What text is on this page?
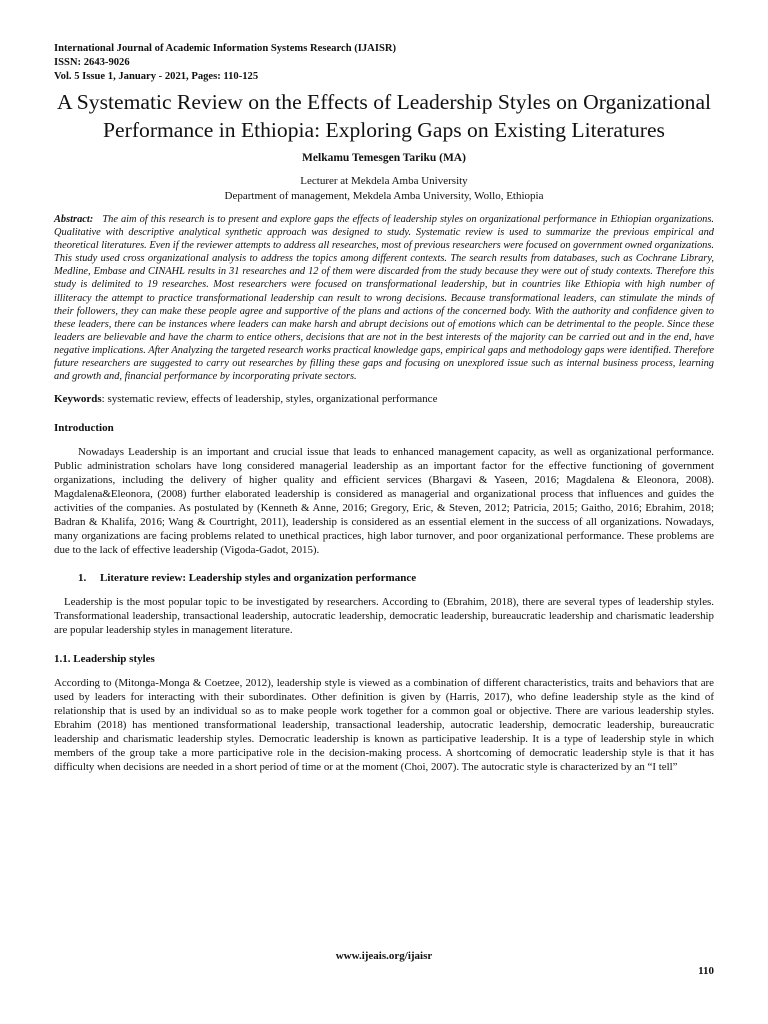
International Journal of Academic Information Systems Research (IJAISR)
ISSN: 2643-9026
Vol. 5 Issue 1, January - 2021, Pages: 110-125
A Systematic Review on the Effects of Leadership Styles on Organizational Performance in Ethiopia: Exploring Gaps on Existing Literatures
Melkamu Temesgen Tariku (MA)
Lecturer at Mekdela Amba University
Department of management, Mekdela Amba University, Wollo, Ethiopia
Abstract: The aim of this research is to present and explore gaps the effects of leadership styles on organizational performance in Ethiopian organizations. Qualitative with descriptive analytical synthetic approach was designed to study. Systematic review is used to summarize the previous empirical and theoretical literatures. Even if the reviewer attempts to address all researches, most of previous researchers were focused on government owned organizations. This study used cross organizational analysis to address the topics among different contexts. The search results from databases, such as Cochrane Library, Medline, Embase and CINAHL results in 31 researches and 12 of them were discarded from the study because they were out of study contexts. Therefore this study is delimited to 19 researches. Most researchers were focused on transformational leadership, but in countries like Ethiopia with high number of illiteracy the attempt to practice transformational leadership can result to wrong decisions. Because transformational leaders, can stimulate the minds of their followers, they can make these people agree and supportive of the plans and actions of the concerned body. With the authority and confidence given to these leaders, there can be instances where leaders can make harsh and abrupt decisions out of emotions which can be detrimental to the people. Since these leaders are believable and have the charm to entice others, decisions that are not in the best interests of the majority can be carried out and in the end, have negative implications. After Analyzing the targeted research works practical knowledge gaps, empirical gaps and methodology gaps were identified. Therefore future researchers are suggested to carry out researches by filling these gaps and focusing on unexplored issue such as internal business process, learning and growth and, financial performance by incorporating private sectors.
Keywords: systematic review, effects of leadership, styles, organizational performance
Introduction

Nowadays Leadership is an important and crucial issue that leads to enhanced management capacity, as well as organizational performance. Public administration scholars have long considered managerial leadership as an important factor for the effective functioning of government organizations, including the delivery of higher quality and efficient services (Bhargavi & Yaseen, 2016; Magdalena & Eleonora, 2008). Magdalena&Eleonora, (2008) further elaborated leadership is considered as managerial and organizational process that influences and guides the activities of the companies. As postulated by (Kenneth & Anne, 2016; Gregory, Eric, & Steven, 2012; Patricia, 2015; Gaitho, 2016; Ebrahim, 2018; Badran & Khalifa, 2016; Wang & Courtright, 2011), leadership is considered as an essential element in the success of all organizations. Nowadays, many organizations are facing problems related to unethical practices, high labor turnover, and poor organizational performance. These problems are due to the lack of effective leadership (Vigoda-Gadot, 2015).

1. Literature review: Leadership styles and organization performance

Leadership is the most popular topic to be investigated by researchers. According to (Ebrahim, 2018), there are several types of leadership styles. Transformational leadership, transactional leadership, autocratic leadership, democratic leadership, bureaucratic leadership and charismatic leadership are popular leadership styles in management literature.

1.1. Leadership styles

According to (Mitonga-Monga & Coetzee, 2012), leadership style is viewed as a combination of different characteristics, traits and behaviors that are used by leaders for interacting with their subordinates. Other definition is given by (Harris, 2017), who define leadership style as the kind of relationship that is used by an individual so as to make people work together for a common goal or objective. There are various leadership styles. Ebrahim (2018) has mentioned transformational leadership, transactional leadership, autocratic leadership, democratic leadership, bureaucratic leadership and charismatic leadership styles. Democratic leadership is known as participative leadership. It is a type of leadership style in which members of the group take a more participative role in the decision-making process. A shortcoming of democratic leadership style is that it has difficulty when decisions are needed in a short period of time or at the moment (Choi, 2007). The autocratic style is characterized by an “I tell”

www.ijeais.org/ijaisr
110
